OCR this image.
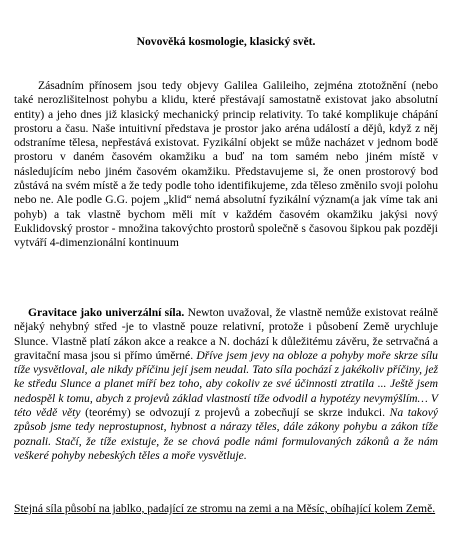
Novověká kosmologie, klasický svět.
Zásadním přínosem jsou tedy objevy Galilea Galileiho, zejména ztotožnění (nebo také nerozlišitelnost pohybu a klidu, které přestávají samostatně existovat jako absolutní entity) a jeho dnes již klasický mechanický princip relativity. To také komplikuje chápání prostoru a času. Naše intuitivní představa je prostor jako aréna událostí a dějů, když z něj odstraníme tělesa, nepřestává existovat. Fyzikální objekt se může nacházet v jednom bodě prostoru v daném časovém okamžiku a buď na tom samém nebo jiném místě v následujícím nebo jiném časovém okamžiku. Představujeme si, že onen prostorový bod zůstává na svém místě a že tedy podle toho identifikujeme, zda těleso změnilo svoji polohu nebo ne. Ale podle G.G. pojem „klid“ nemá absolutní fyzikální význam(a jak víme tak ani pohyb) a tak vlastně bychom měli mít v každém časovém okamžiku jakýsi nový Euklidovský prostor - množina takovýchto prostorů společně s časovou šipkou pak později vytváří 4-dimenzionální kontinuum
Gravitace jako univerzální síla. Newton uvažoval, že vlastně nemůže existovat reálně nějaký nehybný střed -je to vlastně pouze relativní, protože i působení Země urychluje Slunce. Vlastně platí zákon akce a reakce a N. dochází k důležitému závěru, že setrvačná a gravitační masa jsou si přímo úměrné. Dříve jsem jevy na obloze a pohyby moře skrze sílu tíže vysvětloval, ale nikdy příčinu její jsem neudal. Tato síla pochází z jakékoliv příčiny, jež ke středu Slunce a planet míří bez toho, aby cokoliv ze své účinnosti ztratila ... Ještě jsem nedospěl k tomu, abych z projevů základ vlastností tíže odvodil a hypotézy nevymýšlím… V této vědě věty (teorémy) se odvozují z projevů a zobecňují se skrze indukci. Na takový způsob jsme tedy neprostupnost, hybnost a nárazy těles, dále zákony pohybu a zákon tíže poznali. Stačí, že tíže existuje, že se chová podle námi formulovaných zákonů a že nám veškeré pohyby nebeských těles a moře vysvětluje.
Stejná síla působí na jablko, padající ze stromu na zemi a na Měsíc, obíhající kolem Země.
